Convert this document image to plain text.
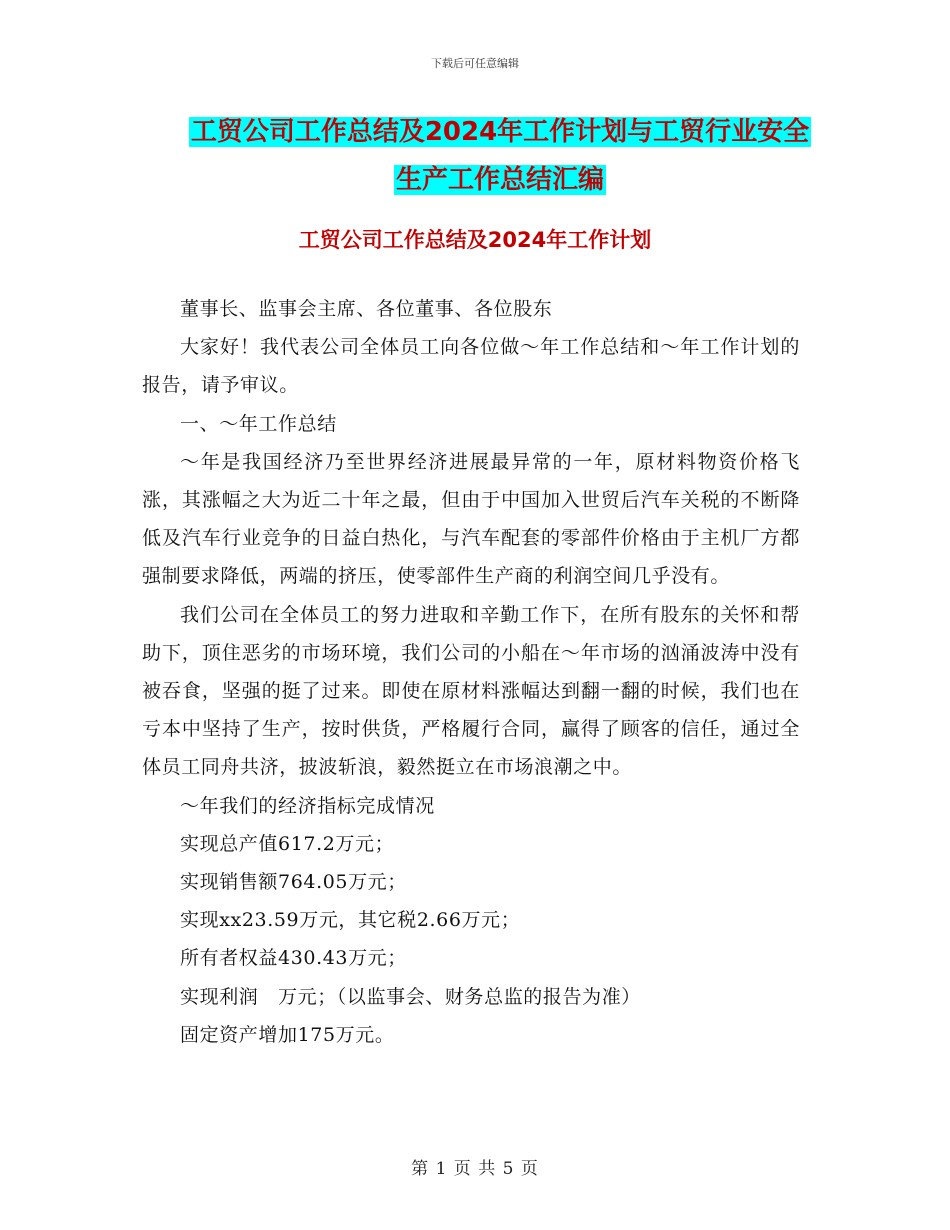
下载后可任意编辑
工贸公司工作总结及2024年工作计划与工贸行业安全
生产工作总结汇编
工贸公司工作总结及2024年工作计划

董事长、监事会主席、各位董事、各位股东

大家好！我代表公司全体员工向各位做～年工作总结和～年工作计划的报告，请予审议。

一、～年工作总结

～年是我国经济乃至世界经济进展最异常的一年，原材料物资价格飞涨，其涨幅之大为近二十年之最，但由于中国加入世贸后汽车关税的不断降低及汽车行业竞争的日益白热化，与汽车配套的零部件价格由于主机厂方都强制要求降低，两端的挤压，使零部件生产商的利润空间几乎没有。

我们公司在全体员工的努力进取和辛勤工作下，在所有股东的关怀和帮助下，顶住恶劣的市场环境，我们公司的小船在～年市场的汹涌波涛中没有被吞食，坚强的挺了过来。即使在原材料涨幅达到翻一翻的时候，我们也在亏本中坚持了生产，按时供货，严格履行合同，赢得了顾客的信任，通过全体员工同舟共济，披波斩浪，毅然挺立在市场浪潮之中。

～年我们的经济指标完成情况

实现总产值617.2万元；

实现销售额764.05万元；

实现xx23.59万元，其它税2.66万元；

所有者权益430.43万元；

实现利润　万元；（以监事会、财务总监的报告为准）

固定资产增加175万元。

第 1 页 共 5 页
